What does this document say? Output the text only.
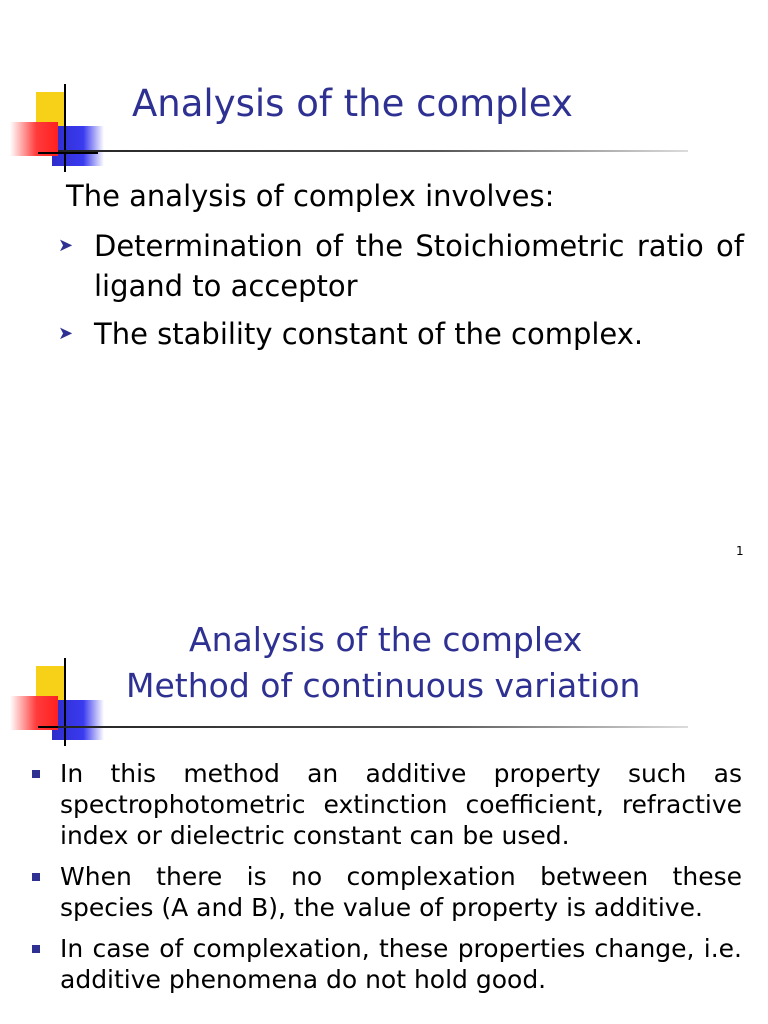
Analysis of the complex
The analysis of complex involves:
➤ Determination of the Stoichiometric ratio of ligand to acceptor
➤ The stability constant of the complex.
1
Analysis of the complex
Method of continuous variation
In this method an additive property such as spectrophotometric extinction coefficient, refractive index or dielectric constant can be used.
When there is no complexation between these species (A and B), the value of property is additive.
In case of complexation, these properties change, i.e. additive phenomena do not hold good.
